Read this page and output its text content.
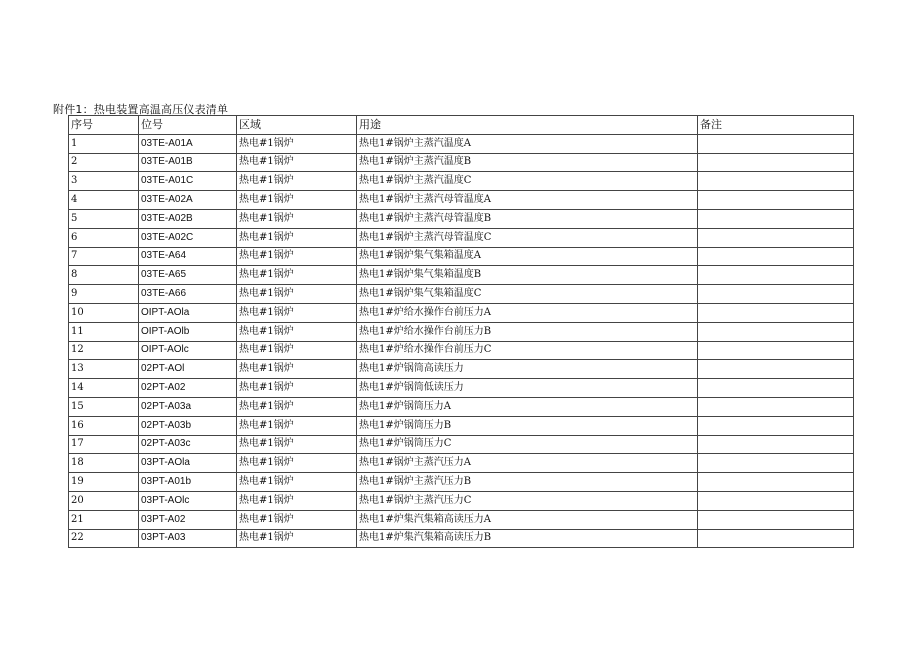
附件1：热电装置高温高压仪表清单
序号	位号	区域	用途	备注
1	03TE-A01A	热电#1锅炉	热电1#锅炉主蒸汽温度A	
2	03TE-A01B	热电#1锅炉	热电1#锅炉主蒸汽温度B	
3	03TE-A01C	热电#1锅炉	热电1#锅炉主蒸汽温度C	
4	03TE-A02A	热电#1锅炉	热电1#锅炉主蒸汽母管温度A	
5	03TE-A02B	热电#1锅炉	热电1#锅炉主蒸汽母管温度B	
6	03TE-A02C	热电#1锅炉	热电1#锅炉主蒸汽母管温度C	
7	03TE-A64	热电#1锅炉	热电1#锅炉集气集箱温度A	
8	03TE-A65	热电#1锅炉	热电1#锅炉集气集箱温度B	
9	03TE-A66	热电#1锅炉	热电1#锅炉集气集箱温度C	
10	OIPT-AOla	热电#1锅炉	热电1#炉给水操作台前压力A	
11	OIPT-AOlb	热电#1锅炉	热电1#炉给水操作台前压力B	
12	OIPT-AOlc	热电#1锅炉	热电1#炉给水操作台前压力C	
13	02PT-AOl	热电#1锅炉	热电1#炉锅筒高读压力	
14	02PT-A02	热电#1锅炉	热电1#炉锅筒低读压力	
15	02PT-A03a	热电#1锅炉	热电1#炉锅筒压力A	
16	02PT-A03b	热电#1锅炉	热电1#炉锅筒压力B	
17	02PT-A03c	热电#1锅炉	热电1#炉锅筒压力C	
18	03PT-AOla	热电#1锅炉	热电1#锅炉主蒸汽压力A	
19	03PT-A01b	热电#1锅炉	热电1#锅炉主蒸汽压力B	
20	03PT-AOlc	热电#1锅炉	热电1#锅炉主蒸汽压力C	
21	03PT-A02	热电#1锅炉	热电1#炉集汽集箱高读压力A	
22	03PT-A03	热电#1锅炉	热电1#炉集汽集箱高读压力B	
